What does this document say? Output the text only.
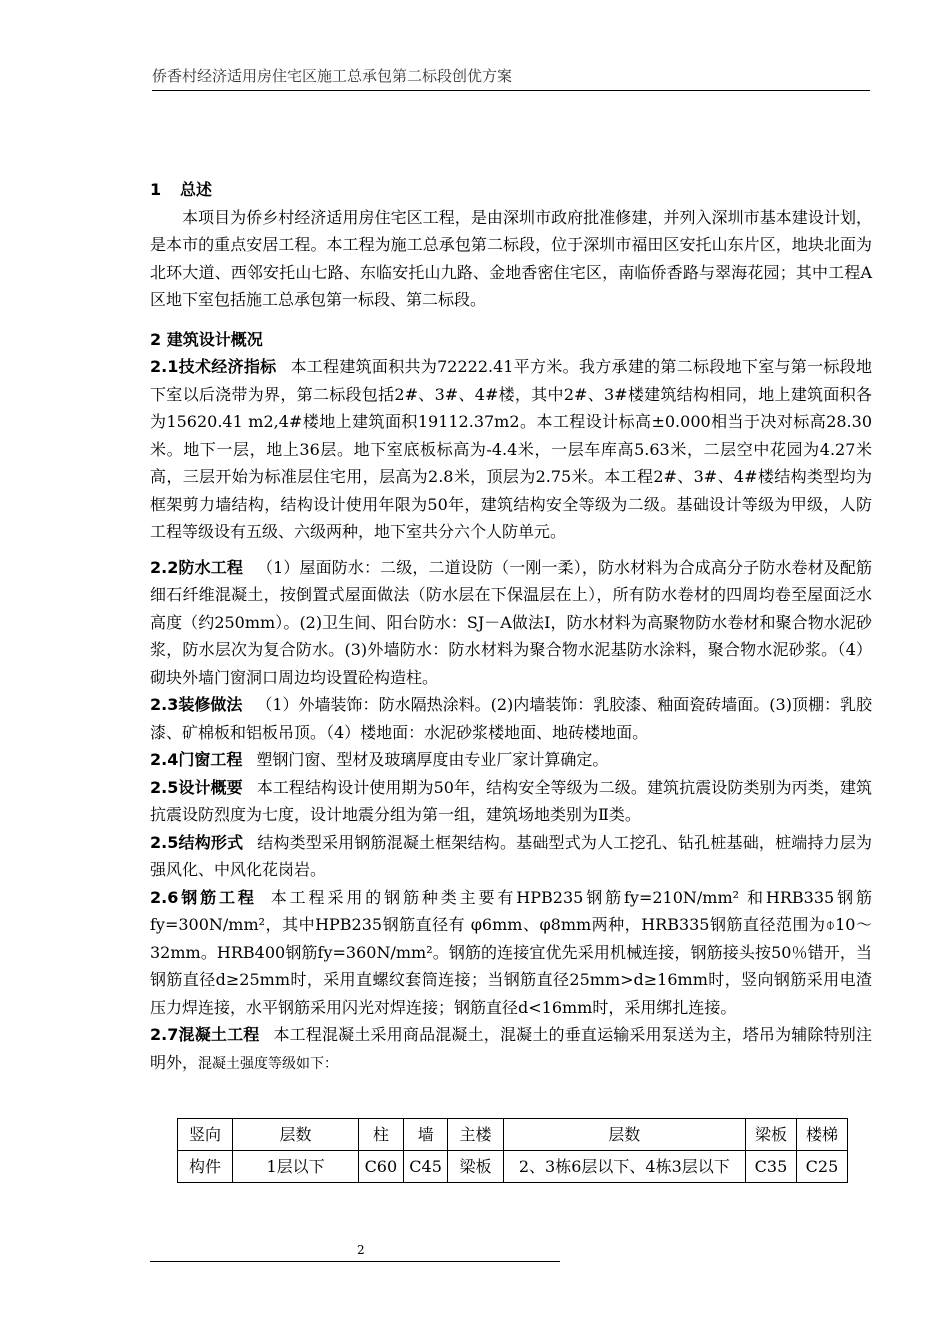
侨香村经济适用房住宅区施工总承包第二标段创优方案

1 总述

本项目为侨乡村经济适用房住宅区工程，是由深圳市政府批准修建，并列入深圳市基本建设计划，是本市的重点安居工程。本工程为施工总承包第二标段，位于深圳市福田区安托山东片区，地块北面为北环大道、西邻安托山七路、东临安托山九路、金地香密住宅区，南临侨香路与翠海花园；其中工程A区地下室包括施工总承包第一标段、第二标段。

2 建筑设计概况

2.1技术经济指标 本工程建筑面积共为72222.41平方米。我方承建的第二标段地下室与第一标段地下室以后浇带为界，第二标段包括2#、3#、4#楼，其中2#、3#楼建筑结构相同，地上建筑面积各为15620.41 m2,4#楼地上建筑面积19112.37m2。本工程设计标高±0.000相当于决对标高28.30米。地下一层，地上36层。地下室底板标高为-4.4米，一层车库高5.63米，二层空中花园为4.27米高，三层开始为标准层住宅用，层高为2.8米，顶层为2.75米。本工程2#、3#、4#楼结构类型均为框架剪力墙结构，结构设计使用年限为50年，建筑结构安全等级为二级。基础设计等级为甲级，人防工程等级设有五级、六级两种，地下室共分六个人防单元。

2.2防水工程 （1）屋面防水：二级，二道设防（一刚一柔），防水材料为合成高分子防水卷材及配筋细石纤维混凝土，按倒置式屋面做法（防水层在下保温层在上），所有防水卷材的四周均卷至屋面泛水高度（约250mm）。(2)卫生间、阳台防水：SJ－A做法Ⅰ，防水材料为高聚物防水卷材和聚合物水泥砂浆，防水层次为复合防水。(3)外墙防水：防水材料为聚合物水泥基防水涂料，聚合物水泥砂浆。（4）砌块外墙门窗洞口周边均设置砼构造柱。

2.3装修做法 （1）外墙装饰：防水隔热涂料。(2)内墙装饰：乳胶漆、釉面瓷砖墙面。(3)顶棚：乳胶漆、矿棉板和铝板吊顶。（4）楼地面：水泥砂浆楼地面、地砖楼地面。

2.4门窗工程 塑钢门窗、型材及玻璃厚度由专业厂家计算确定。

2.5设计概要 本工程结构设计使用期为50年，结构安全等级为二级。建筑抗震设防类别为丙类，建筑抗震设防烈度为七度，设计地震分组为第一组，建筑场地类别为Ⅱ类。

2.5结构形式 结构类型采用钢筋混凝土框架结构。基础型式为人工挖孔、钻孔桩基础，桩端持力层为强风化、中风化花岗岩。

2.6钢筋工程 本工程采用的钢筋种类主要有HPB235钢筋fy=210N/mm² 和HRB335钢筋fy=300N/mm²，其中HPB235钢筋直径有 φ6mm、φ8mm两种，HRB335钢筋直径范围为⌽10～32mm。HRB400钢筋fy=360N/mm²。钢筋的连接宜优先采用机械连接，钢筋接头按50％错开，当钢筋直径d≥25mm时，采用直螺纹套筒连接；当钢筋直径25mm>d≥16mm时，竖向钢筋采用电渣压力焊连接，水平钢筋采用闪光对焊连接；钢筋直径d<16mm时，采用绑扎连接。

2.7混凝土工程 本工程混凝土采用商品混凝土，混凝土的垂直运输采用泵送为主，塔吊为辅除特别注明外，混凝土强度等级如下：

竖向	层数	柱	墙	主楼	层数	梁板	楼梯
构件	1层以下	C60	C45	梁板	2、3栋6层以下、4栋3层以下	C35	C25
2
